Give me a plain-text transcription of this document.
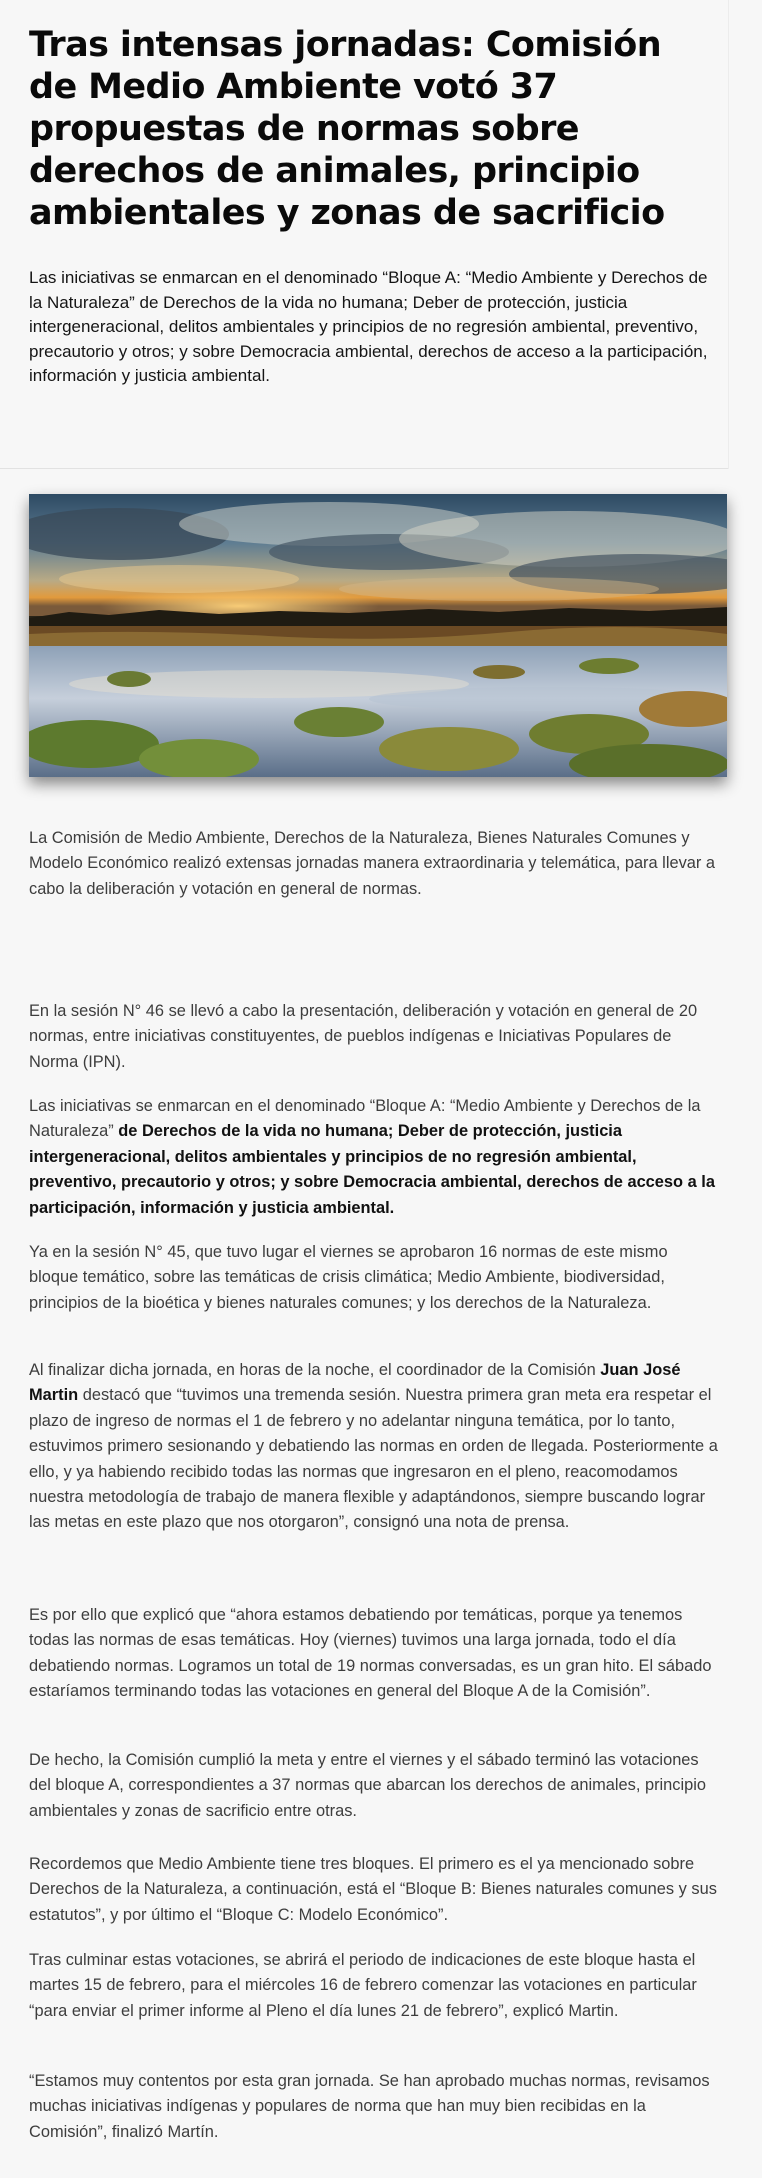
Tras intensas jornadas: Comisión de Medio Ambiente votó 37 propuestas de normas sobre derechos de animales, principio ambientales y zonas de sacrificio

Las iniciativas se enmarcan en el denominado “Bloque A: “Medio Ambiente y Derechos de la Naturaleza” de Derechos de la vida no humana; Deber de protección, justicia intergeneracional, delitos ambientales y principios de no regresión ambiental, preventivo, precautorio y otros; y sobre Democracia ambiental, derechos de acceso a la participación, información y justicia ambiental.

La Comisión de Medio Ambiente, Derechos de la Naturaleza, Bienes Naturales Comunes y Modelo Económico realizó extensas jornadas manera extraordinaria y telemática, para llevar a cabo la deliberación y votación en general de normas.

En la sesión N° 46 se llevó a cabo la presentación, deliberación y votación en general de 20 normas, entre iniciativas constituyentes, de pueblos indígenas e Iniciativas Populares de Norma (IPN).

Las iniciativas se enmarcan en el denominado “Bloque A: “Medio Ambiente y Derechos de la Naturaleza” de Derechos de la vida no humana; Deber de protección, justicia intergeneracional, delitos ambientales y principios de no regresión ambiental, preventivo, precautorio y otros; y sobre Democracia ambiental, derechos de acceso a la participación, información y justicia ambiental.

Ya en la sesión N° 45, que tuvo lugar el viernes se aprobaron 16 normas de este mismo bloque temático, sobre las temáticas de crisis climática; Medio Ambiente, biodiversidad, principios de la bioética y bienes naturales comunes; y los derechos de la Naturaleza.

Al finalizar dicha jornada, en horas de la noche, el coordinador de la Comisión Juan José Martin destacó que “tuvimos una tremenda sesión. Nuestra primera gran meta era respetar el plazo de ingreso de normas el 1 de febrero y no adelantar ninguna temática, por lo tanto, estuvimos primero sesionando y debatiendo las normas en orden de llegada. Posteriormente a ello, y ya habiendo recibido todas las normas que ingresaron en el pleno, reacomodamos nuestra metodología de trabajo de manera flexible y adaptándonos, siempre buscando lograr las metas en este plazo que nos otorgaron”, consignó una nota de prensa.

Es por ello que explicó que “ahora estamos debatiendo por temáticas, porque ya tenemos todas las normas de esas temáticas. Hoy (viernes) tuvimos una larga jornada, todo el día debatiendo normas. Logramos un total de 19 normas conversadas, es un gran hito. El sábado estaríamos terminando todas las votaciones en general del Bloque A de la Comisión”.

De hecho, la Comisión cumplió la meta y entre el viernes y el sábado terminó las votaciones del bloque A, correspondientes a 37 normas que abarcan los derechos de animales, principio ambientales y zonas de sacrificio entre otras.

Recordemos que Medio Ambiente tiene tres bloques. El primero es el ya mencionado sobre Derechos de la Naturaleza, a continuación, está el “Bloque B: Bienes naturales comunes y sus estatutos”, y por último el “Bloque C: Modelo Económico”.

Tras culminar estas votaciones, se abrirá el periodo de indicaciones de este bloque hasta el martes 15 de febrero, para el miércoles 16 de febrero comenzar las votaciones en particular “para enviar el primer informe al Pleno el día lunes 21 de febrero”, explicó Martin.

“Estamos muy contentos por esta gran jornada. Se han aprobado muchas normas, revisamos muchas iniciativas indígenas y populares de norma que han muy bien recibidas en la Comisión”, finalizó Martín.
